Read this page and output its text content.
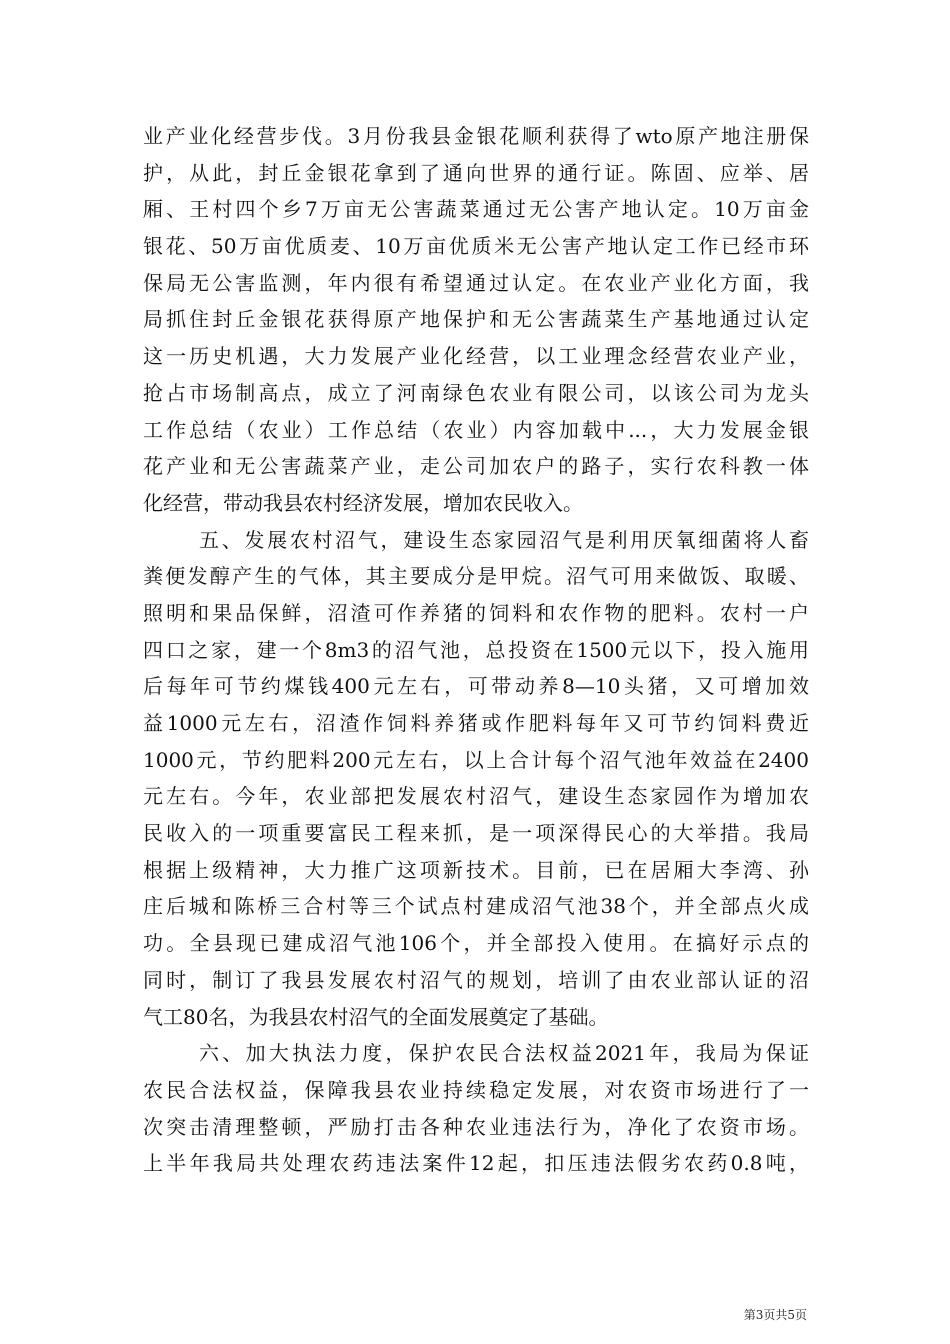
业产业化经营步伐。3月份我县金银花顺利获得了wto原产地注册保
护，从此，封丘金银花拿到了通向世界的通行证。陈固、应举、居
厢、王村四个乡7万亩无公害蔬菜通过无公害产地认定。10万亩金
银花、50万亩优质麦、10万亩优质米无公害产地认定工作已经市环
保局无公害监测，年内很有希望通过认定。在农业产业化方面，我
局抓住封丘金银花获得原产地保护和无公害蔬菜生产基地通过认定
这一历史机遇，大力发展产业化经营，以工业理念经营农业产业，
抢占市场制高点，成立了河南绿色农业有限公司，以该公司为龙头
工作总结（农业）工作总结（农业）内容加载中...，大力发展金银
花产业和无公害蔬菜产业，走公司加农户的路子，实行农科教一体
化经营，带动我县农村经济发展，增加农民收入。
五、发展农村沼气，建设生态家园沼气是利用厌氧细菌将人畜
粪便发醇产生的气体，其主要成分是甲烷。沼气可用来做饭、取暖、
照明和果品保鲜，沼渣可作养猪的饲料和农作物的肥料。农村一户
四口之家，建一个8m3的沼气池，总投资在1500元以下，投入施用
后每年可节约煤钱400元左右，可带动养8—10头猪，又可增加效
益1000元左右，沼渣作饲料养猪或作肥料每年又可节约饲料费近
1000元，节约肥料200元左右，以上合计每个沼气池年效益在2400
元左右。今年，农业部把发展农村沼气，建设生态家园作为增加农
民收入的一项重要富民工程来抓，是一项深得民心的大举措。我局
根据上级精神，大力推广这项新技术。目前，已在居厢大李湾、孙
庄后城和陈桥三合村等三个试点村建成沼气池38个，并全部点火成
功。全县现已建成沼气池106个，并全部投入使用。在搞好示点的
同时，制订了我县发展农村沼气的规划，培训了由农业部认证的沼
气工80名，为我县农村沼气的全面发展奠定了基础。
六、加大执法力度，保护农民合法权益2021年，我局为保证
农民合法权益，保障我县农业持续稳定发展，对农资市场进行了一
次突击清理整顿，严励打击各种农业违法行为，净化了农资市场。
上半年我局共处理农药违法案件12起，扣压违法假劣农药0.8吨，
第3页共5页
